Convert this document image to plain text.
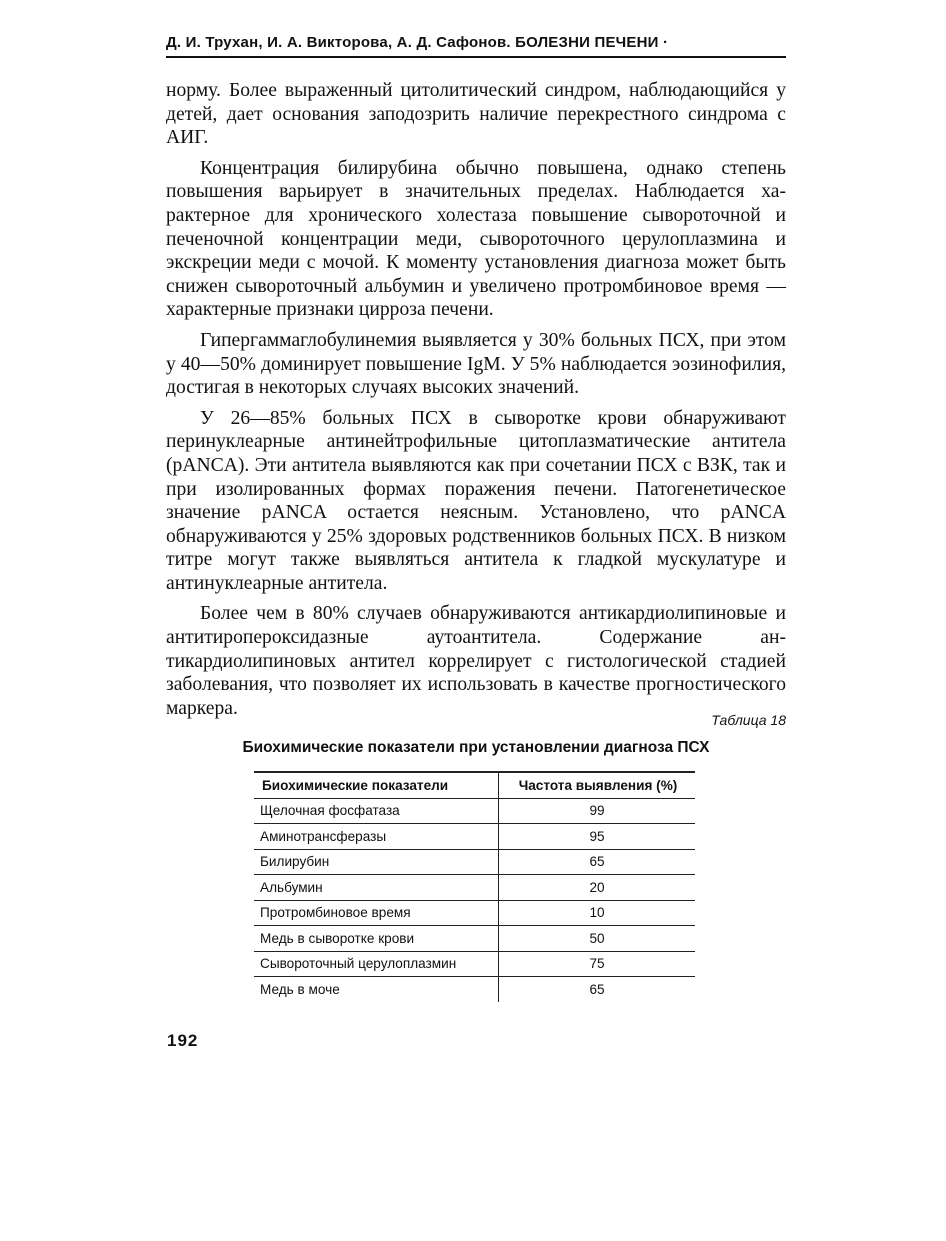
Д. И. Трухан, И. А. Викторова, А. Д. Сафонов. БОЛЕЗНИ ПЕЧЕНИ ·

норму. Более выраженный цитолитический синдром, наблюдающийся у детей, дает основания заподозрить наличие перекрестного синдрома с АИГ.

Концентрация билирубина обычно повышена, однако степень повышения варьирует в значительных пределах. Наблюдается характерное для хронического холестаза повышение сывороточной и печеночной концентрации меди, сывороточного церулоплазмина и экскреции меди с мочой. К моменту установления диагноза может быть снижен сывороточный альбумин и увеличено протромбиновое время — характерные признаки цирроза печени.

Гипергаммаглобулинемия выявляется у 30% больных ПСХ, при этом у 40—50% доминирует повышение IgM. У 5% наблюдается эозинофилия, достигая в некоторых случаях высоких значений.

У 26—85% больных ПСХ в сыворотке крови обнаруживают перинуклеарные антинейтрофильные цитоплазматические антитела (pANCA). Эти антитела выявляются как при сочетании ПСХ с ВЗК, так и при изолированных формах поражения печени. Патогенетическое значение pANCA остается неясным. Установлено, что pANCA обнаруживаются у 25% здоровых родственников больных ПСХ. В низком титре могут также выявляться антитела к гладкой мускулатуре и антинуклеарные антитела.

Более чем в 80% случаев обнаруживаются антикардиолипиновые и антитиропероксидазные аутоантитела. Содержание антикардиолипиновых антител коррелирует с гистологической стадией заболевания, что позволяет их использовать в качестве прогностического маркера.

Таблица 18
Биохимические показатели при установлении диагноза ПСХ
Биохимические показатели	Частота выявления (%)
Щелочная фосфатаза	99
Аминотрансферазы	95
Билирубин	65
Альбумин	20
Протромбиновое время	10
Медь в сыворотке крови	50
Сывороточный церулоплазмин	75
Медь в моче	65
192
